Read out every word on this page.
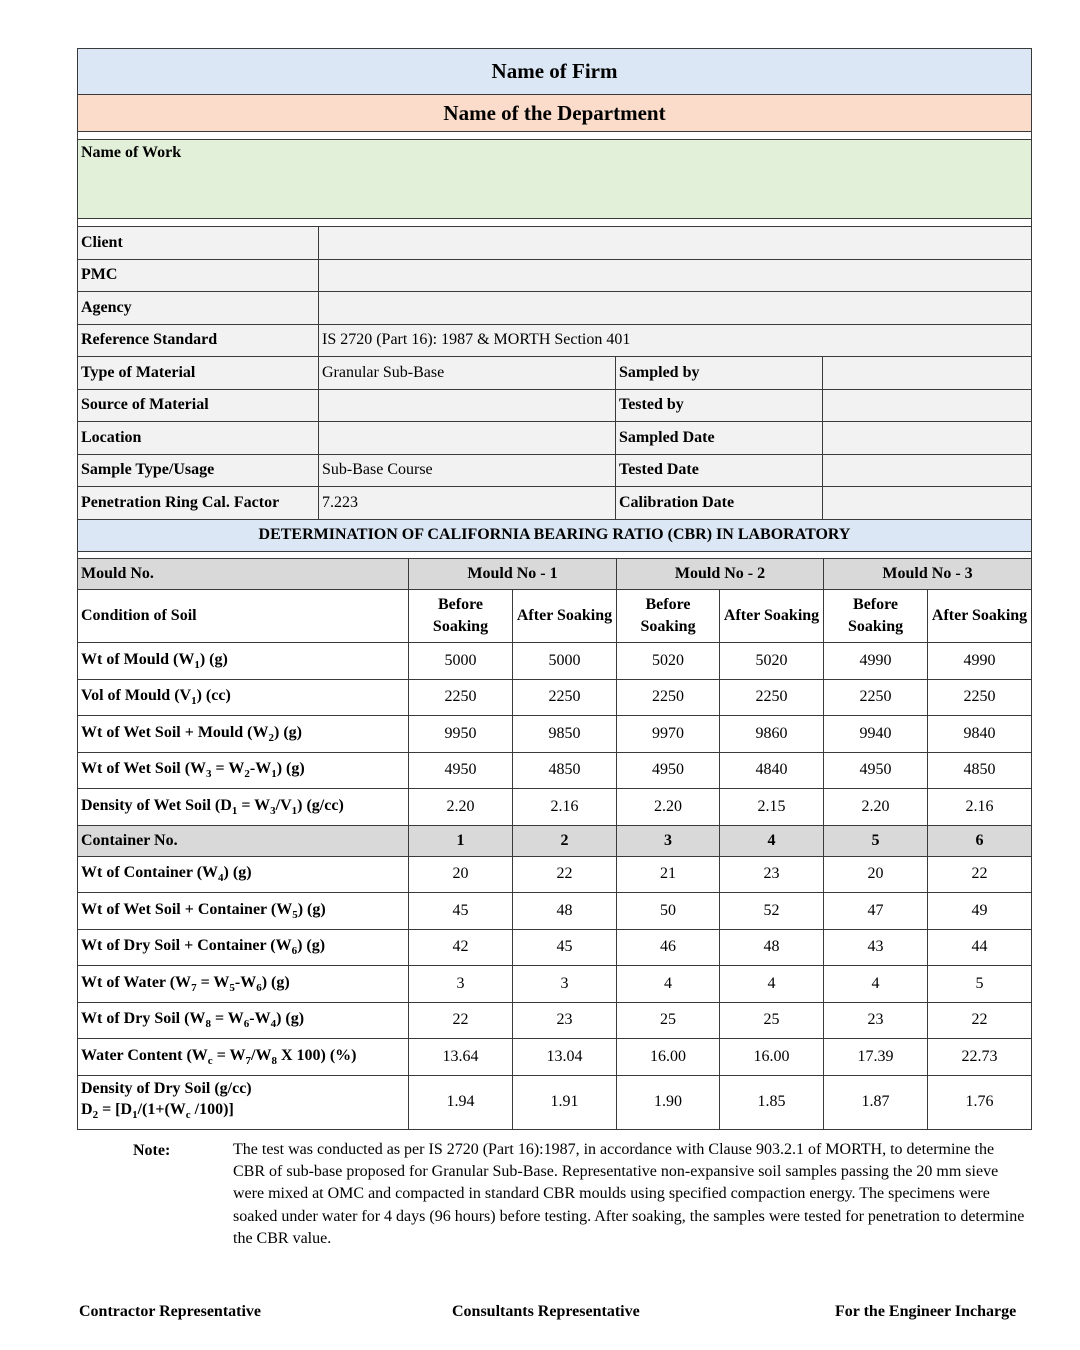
Name of Firm			
Name of the Department			

Name of Work			

Client			
PMC			
Agency			
Reference Standard	IS 2720 (Part 16): 1987 & MORTH Section 401		
Type of Material	Granular Sub-Base	Sampled by	
Source of Material		Tested by	
Location		Sampled Date	
Sample Type/Usage	Sub-Base Course	Tested Date	
Penetration Ring Cal. Factor	7.223	Calibration Date	
DETERMINATION OF CALIFORNIA BEARING RATIO (CBR) IN LABORATORY			

Mould No.	Mould No - 1		Mould No - 2		Mould No - 3	
Condition of Soil	Before Soaking	After Soaking	Before Soaking	After Soaking	Before Soaking	After Soaking
Wt of Mould $(W_1)$ (g)	5000	5000	5020	5020	4990	4990
Vol of Mould $(V_1)$ (cc)	2250	2250	2250	2250	2250	2250
Wt of Wet Soil + Mould $(W_2)$ (g)	9950	9850	9970	9860	9940	9840
Wt of Wet Soil $(W_3 = W_2-W_1)$ (g)	4950	4850	4950	4840	4950	4850
Density of Wet Soil $(D_1 = W_3/V_1)$ (g/cc)	2.20	2.16	2.20	2.15	2.20	2.16
Container No.	1	2	3	4	5	6
Wt of Container $(W_4)$ (g)	20	22	21	23	20	22
Wt of Wet Soil + Container $(W_5)$ (g)	45	48	50	52	47	49
Wt of Dry Soil + Container $(W_6)$ (g)	42	45	46	48	43	44
Wt of Water $(W_7 = W_5-W_6)$ (g)	3	3	4	4	4	5
Wt of Dry Soil $(W_8 = W_6-W_4)$ (g)	22	23	25	25	23	22
Water Content ($W_c = W_7/W_8$ X 100) (%)	13.64	13.04	16.00	16.00	17.39	22.73
Density of Dry Soil (g/cc)
$D_2 = [D_1/(1+(W_c$ /100)]	1.94	1.91	1.90	1.85	1.87	1.76
Note:	The test was conducted as per IS 2720 (Part 16):1987, in accordance with Clause 903.2.1 of MORTH, to determine the CBR of sub-base proposed for Granular Sub-Base. Representative non-expansive soil samples passing the 20 mm sieve were mixed at OMC and compacted in standard CBR moulds using specified compaction energy. The specimens were soaked under water for 4 days (96 hours) before testing. After soaking, the samples were tested for penetration to determine the CBR value.
Contractor Representative	Consultants Representative	For the Engineer Incharge
